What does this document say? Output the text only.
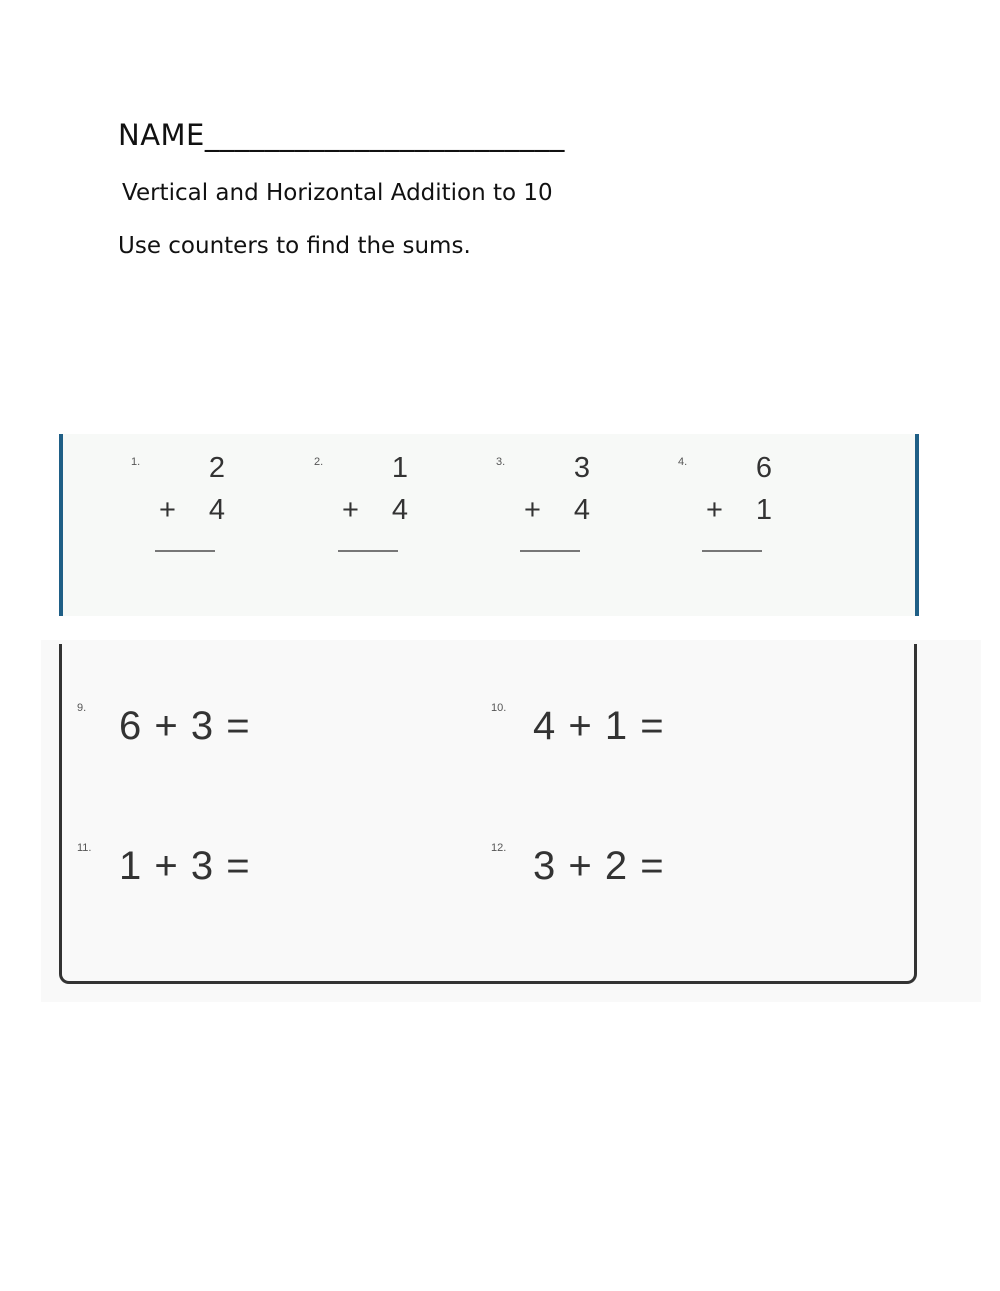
NAME________________________
Vertical and Horizontal Addition to 10
Use counters to find the sums.
1.	2
+	4
2.	1
+	4
3.	3
+	4
4.	6
+	1
9. 6 + 3 =	10. 4 + 1 =
11. 1 + 3 =	12. 3 + 2 =
